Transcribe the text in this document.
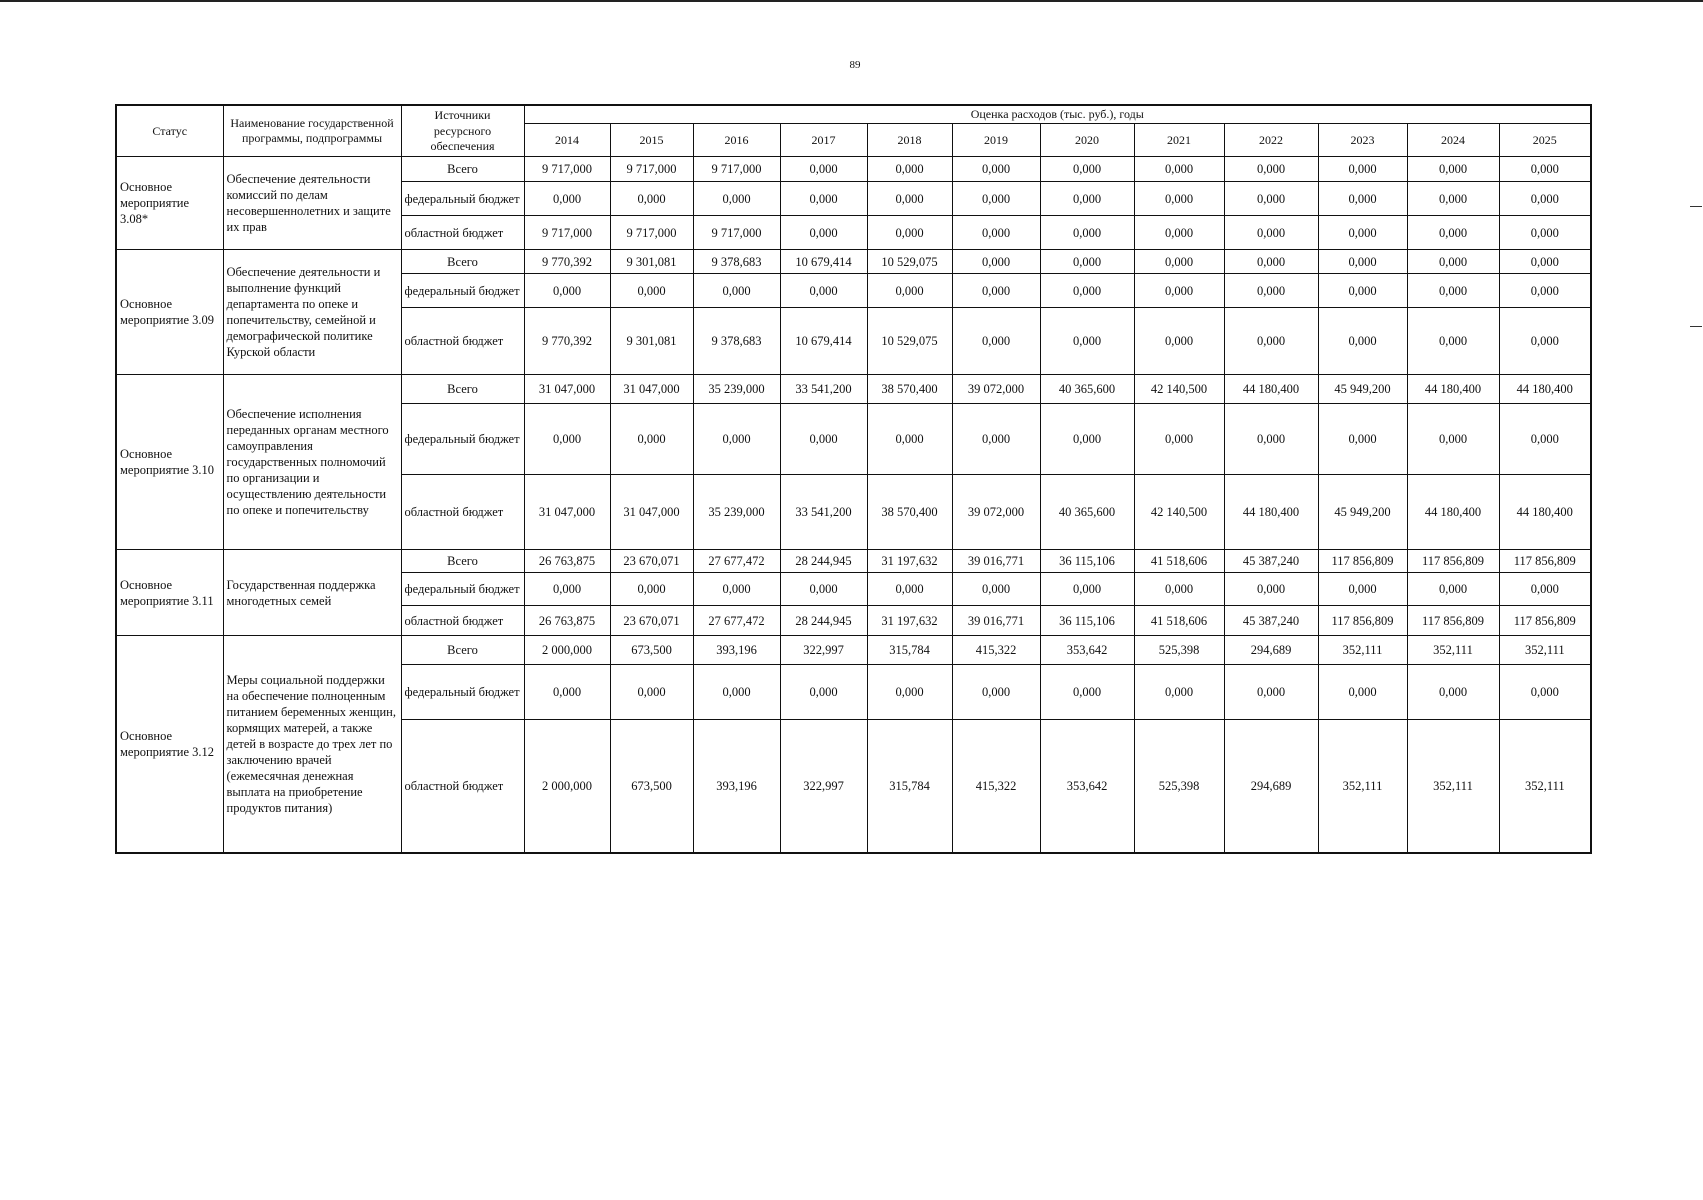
89
Статус	Наименование государственной программы, подпрограммы	Источники ресурсного обеспечения	Оценка расходов (тыс. руб.), годы											
			2014	2015	2016	2017	2018	2019	2020	2021	2022	2023	2024	2025
Основное мероприятие 3.08*	Обеспечение деятельности комиссий по делам несовершеннолетних и защите их прав	Всего	9 717,000	9 717,000	9 717,000	0,000	0,000	0,000	0,000	0,000	0,000	0,000	0,000	0,000
		федеральный бюджет	0,000	0,000	0,000	0,000	0,000	0,000	0,000	0,000	0,000	0,000	0,000	0,000
		областной бюджет	9 717,000	9 717,000	9 717,000	0,000	0,000	0,000	0,000	0,000	0,000	0,000	0,000	0,000
Основное мероприятие 3.09	Обеспечение деятельности и выполнение функций департамента по опеке и попечительству, семейной и демографической политике Курской области	Всего	9 770,392	9 301,081	9 378,683	10 679,414	10 529,075	0,000	0,000	0,000	0,000	0,000	0,000	0,000
		федеральный бюджет	0,000	0,000	0,000	0,000	0,000	0,000	0,000	0,000	0,000	0,000	0,000	0,000
		областной бюджет	9 770,392	9 301,081	9 378,683	10 679,414	10 529,075	0,000	0,000	0,000	0,000	0,000	0,000	0,000
Основное мероприятие 3.10	Обеспечение исполнения переданных органам местного самоуправления государственных полномочий по организации и осуществлению деятельности по опеке и попечительству	Всего	31 047,000	31 047,000	35 239,000	33 541,200	38 570,400	39 072,000	40 365,600	42 140,500	44 180,400	45 949,200	44 180,400	44 180,400
		федеральный бюджет	0,000	0,000	0,000	0,000	0,000	0,000	0,000	0,000	0,000	0,000	0,000	0,000
		областной бюджет	31 047,000	31 047,000	35 239,000	33 541,200	38 570,400	39 072,000	40 365,600	42 140,500	44 180,400	45 949,200	44 180,400	44 180,400
Основное мероприятие 3.11	Государственная поддержка многодетных семей	Всего	26 763,875	23 670,071	27 677,472	28 244,945	31 197,632	39 016,771	36 115,106	41 518,606	45 387,240	117 856,809	117 856,809	117 856,809
		федеральный бюджет	0,000	0,000	0,000	0,000	0,000	0,000	0,000	0,000	0,000	0,000	0,000	0,000
		областной бюджет	26 763,875	23 670,071	27 677,472	28 244,945	31 197,632	39 016,771	36 115,106	41 518,606	45 387,240	117 856,809	117 856,809	117 856,809
Основное мероприятие 3.12	Меры социальной поддержки на обеспечение полноценным питанием беременных женщин, кормящих матерей, а также детей в возрасте до трех лет по заключению врачей (ежемесячная денежная выплата на приобретение продуктов питания)	Всего	2 000,000	673,500	393,196	322,997	315,784	415,322	353,642	525,398	294,689	352,111	352,111	352,111
		федеральный бюджет	0,000	0,000	0,000	0,000	0,000	0,000	0,000	0,000	0,000	0,000	0,000	0,000
		областной бюджет	2 000,000	673,500	393,196	322,997	315,784	415,322	353,642	525,398	294,689	352,111	352,111	352,111
